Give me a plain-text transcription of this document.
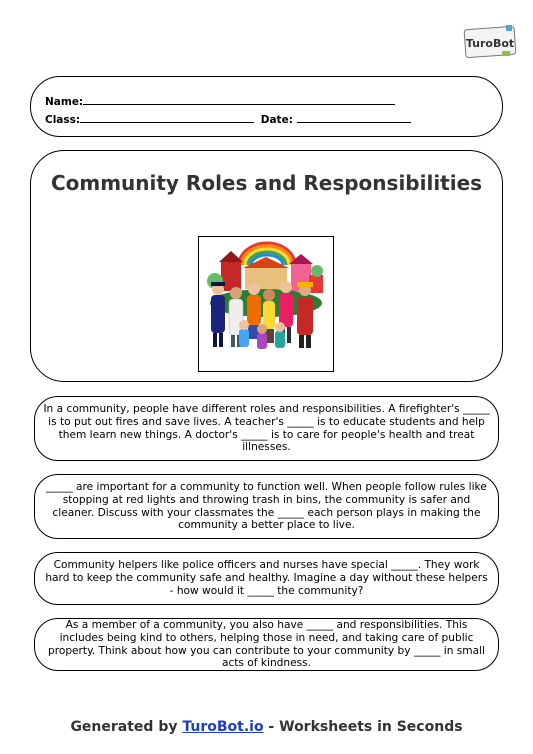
TuroBot
Name:
Class:	Date:
Community Roles and Responsibilities
In a community, people have different roles and responsibilities. A firefighter's _____ is to put out fires and save lives. A teacher's _____ is to educate students and help them learn new things. A doctor's _____ is to care for people's health and treat illnesses.
_____ are important for a community to function well. When people follow rules like stopping at red lights and throwing trash in bins, the community is safer and cleaner. Discuss with your classmates the _____ each person plays in making the community a better place to live.
Community helpers like police officers and nurses have special _____. They work hard to keep the community safe and healthy. Imagine a day without these helpers - how would it _____ the community?
As a member of a community, you also have _____ and responsibilities. This includes being kind to others, helping those in need, and taking care of public property. Think about how you can contribute to your community by _____ in small acts of kindness.
Generated by TuroBot.io - Worksheets in Seconds
